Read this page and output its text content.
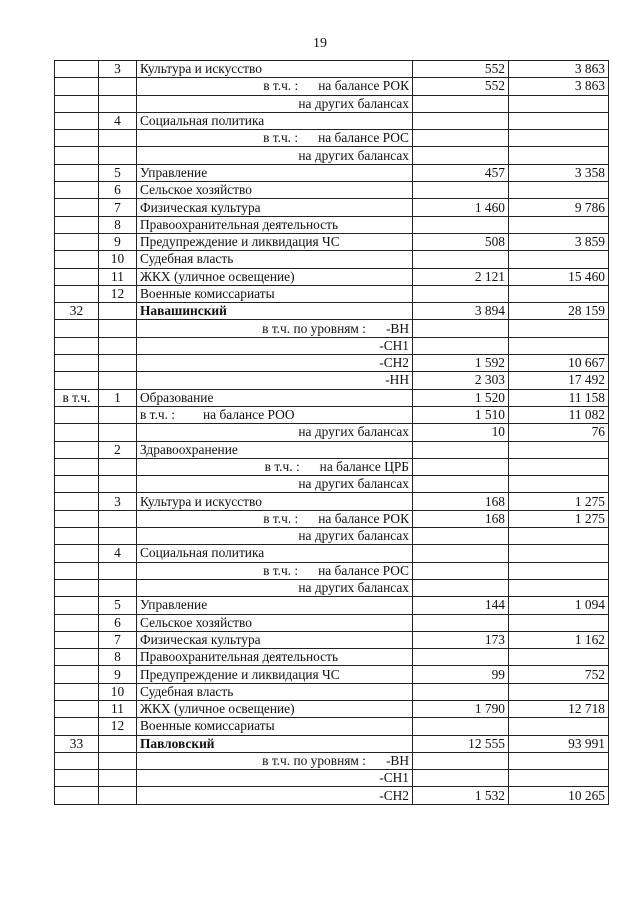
19
	3	Культура и искусство	552	3 863
		в т.ч. : на балансе РОК	552	3 863
		на других балансах		
	4	Социальная политика		
		в т.ч. : на балансе РОС		
		на других балансах		
	5	Управление	457	3 358
	6	Сельское хозяйство		
	7	Физическая культура	1 460	9 786
	8	Правоохранительная деятельность		
	9	Предупреждение и ликвидация ЧС	508	3 859
	10	Судебная власть		
	11	ЖКХ (уличное освещение)	2 121	15 460
	12	Военные комиссариаты		
32		Навашинский	3 894	28 159
		в т.ч. по уровням : -ВН		
		-СН1		
		-СН2	1 592	10 667
		-НН	2 303	17 492
в т.ч.	1	Образование	1 520	11 158
		в т.ч. : на балансе РОО	1 510	11 082
		на других балансах	10	76
	2	Здравоохранение		
		в т.ч. : на балансе ЦРБ		
		на других балансах		
	3	Культура и искусство	168	1 275
		в т.ч. : на балансе РОК	168	1 275
		на других балансах		
	4	Социальная политика		
		в т.ч. : на балансе РОС		
		на других балансах		
	5	Управление	144	1 094
	6	Сельское хозяйство		
	7	Физическая культура	173	1 162
	8	Правоохранительная деятельность		
	9	Предупреждение и ликвидация ЧС	99	752
	10	Судебная власть		
	11	ЖКХ (уличное освещение)	1 790	12 718
	12	Военные комиссариаты		
33		Павловский	12 555	93 991
		в т.ч. по уровням : -ВН		
		-СН1		
		-СН2	1 532	10 265
